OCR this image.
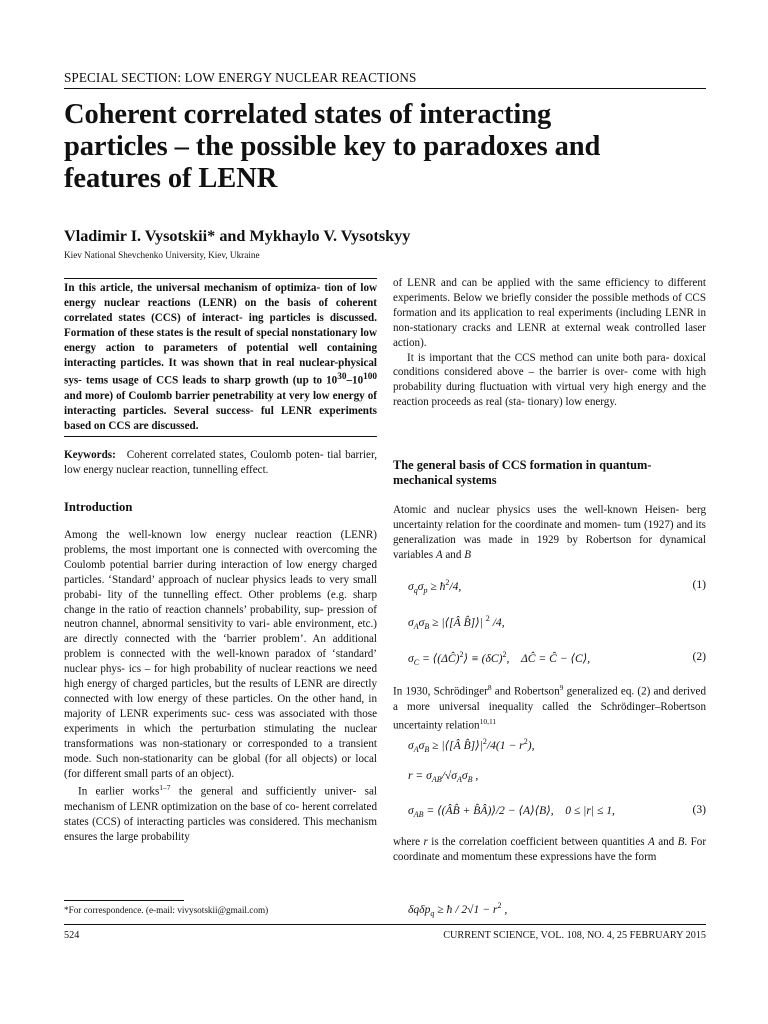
SPECIAL SECTION: LOW ENERGY NUCLEAR REACTIONS
Coherent correlated states of interacting
particles – the possible key to paradoxes and
features of LENR
Vladimir I. Vysotskii* and Mykhaylo V. Vysotskyy
Kiev National Shevchenko University, Kiev, Ukraine
In this article, the universal mechanism of optimiza- tion of low energy nuclear reactions (LENR) on the basis of coherent correlated states (CCS) of interact- ing particles is discussed. Formation of these states is the result of special nonstationary low energy action to parameters of potential well containing interacting particles. It was shown that in real nuclear-physical sys- tems usage of CCS leads to sharp growth (up to $10^{30}-10^{100}$ and more) of Coulomb barrier penetrability at very low energy of interacting particles. Several success- ful LENR experiments based on CCS are discussed.
Keywords: Coherent correlated states, Coulomb poten- tial barrier, low energy nuclear reaction, tunnelling effect.
Introduction

Among the well-known low energy nuclear reaction (LENR) problems, the most important one is connected with overcoming the Coulomb potential barrier during interaction of low energy charged particles. ‘Standard’ approach of nuclear physics leads to very small probabi- lity of the tunnelling effect. Other problems (e.g. sharp change in the ratio of reaction channels’ probability, sup- pression of neutron channel, abnormal sensitivity to vari- able environment, etc.) are directly connected with the ‘barrier problem’. An additional problem is connected with the well-known paradox of ‘standard’ nuclear phys- ics – for high probability of nuclear reactions we need high energy of charged particles, but the results of LENR are directly connected with low energy of these particles. On the other hand, in majority of LENR experiments suc- cess was associated with those experiments in which the perturbation stimulating the nuclear transformations was non-stationary or corresponded to a transient mode. Such non-stationarity can be global (for all objects) or local (for different small parts of an object).

In earlier works$^{1-7}$ the general and sufficiently univer- sal mechanism of LENR optimization on the base of co- herent correlated states (CCS) of interacting particles was considered. This mechanism ensures the large probability

of LENR and can be applied with the same efficiency to different experiments. Below we briefly consider the possible methods of CCS formation and its application to real experiments (including LENR in non-stationary cracks and LENR at external weak controlled laser action).

It is important that the CCS method can unite both para- doxical conditions considered above – the barrier is over- come with high probability during fluctuation with virtual very high energy and the reaction proceeds as real (sta- tionary) low energy.

The general basis of CCS formation in quantum-mechanical systems
Atomic and nuclear physics uses the well-known Heisen- berg uncertainty relation for the coordinate and momen- tum (1927) and its generalization was made in 1929 by Robertson for dynamical variables A and B
$\sigma_q\sigma_p$ ≥ $ħ^2/4$,	(1)
$\sigma_A\sigma_B$ ≥ |⟨[Â B̂]⟩| $^2$ /4,
$\sigma_C$ = ⟨(ΔĈ)$^2$⟩ ≡ $(\delta C)^2$,    ΔĈ = Ĉ − ⟨C⟩,	(2)
In 1930, Schrödinger$^8$ and Robertson$^9$ generalized eq. (2) and derived a more universal inequality called the Schrödinger–Robertson uncertainty relation$^{10,11}$
$\sigma_A\sigma_B$ ≥ |⟨[Â $B̂]⟩|^2/4(1 - r^2)$,
$r = \sigma_{AB}/√\sigma_A\sigma_B$ ,
$\sigma_{AB}$ = ⟨(ÂB̂ + B̂Â)⟩/2 − ⟨A⟩⟨B⟩,    0 ≤ |r| ≤ 1,	(3)
where r is the correlation coefficient between quantities A and B. For coordinate and momentum these expressions have the form
δqδp$_q$ ≥ ħ / $2√1 - r^2$ ,
*For correspondence. (e-mail: vivysotskii@gmail.com)
524	CURRENT SCIENCE, VOL. 108, NO. 4, 25 FEBRUARY 2015
